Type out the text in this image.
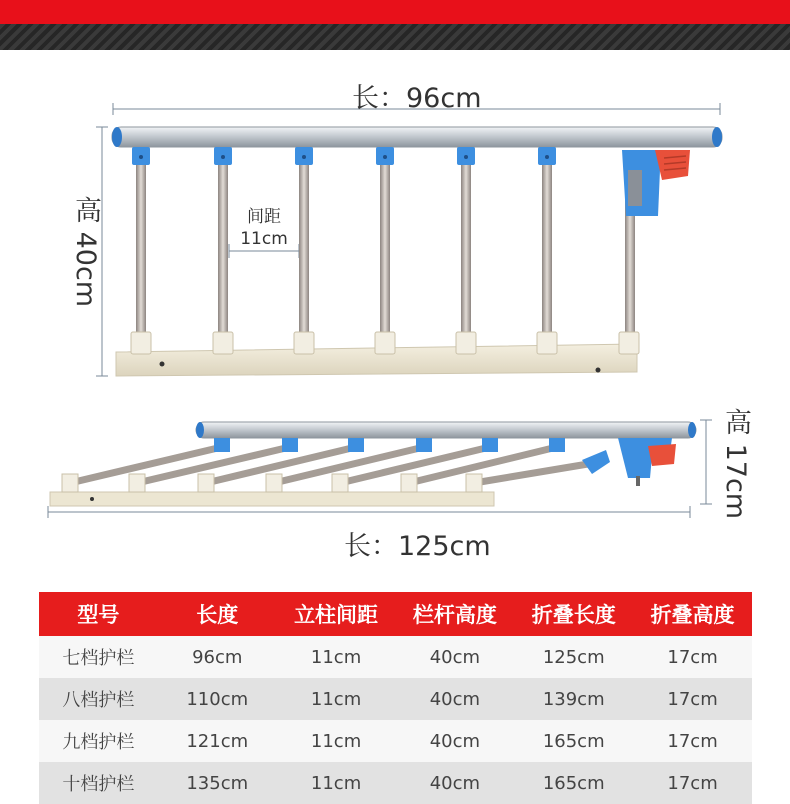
长：96cm
高 40cm	间距
11cm
长：125cm
高 17cm
型号	长度	立柱间距	栏杆高度	折叠长度	折叠高度
七档护栏	96cm	11cm	40cm	125cm	17cm
八档护栏	110cm	11cm	40cm	139cm	17cm
九档护栏	121cm	11cm	40cm	165cm	17cm
十档护栏	135cm	11cm	40cm	165cm	17cm
